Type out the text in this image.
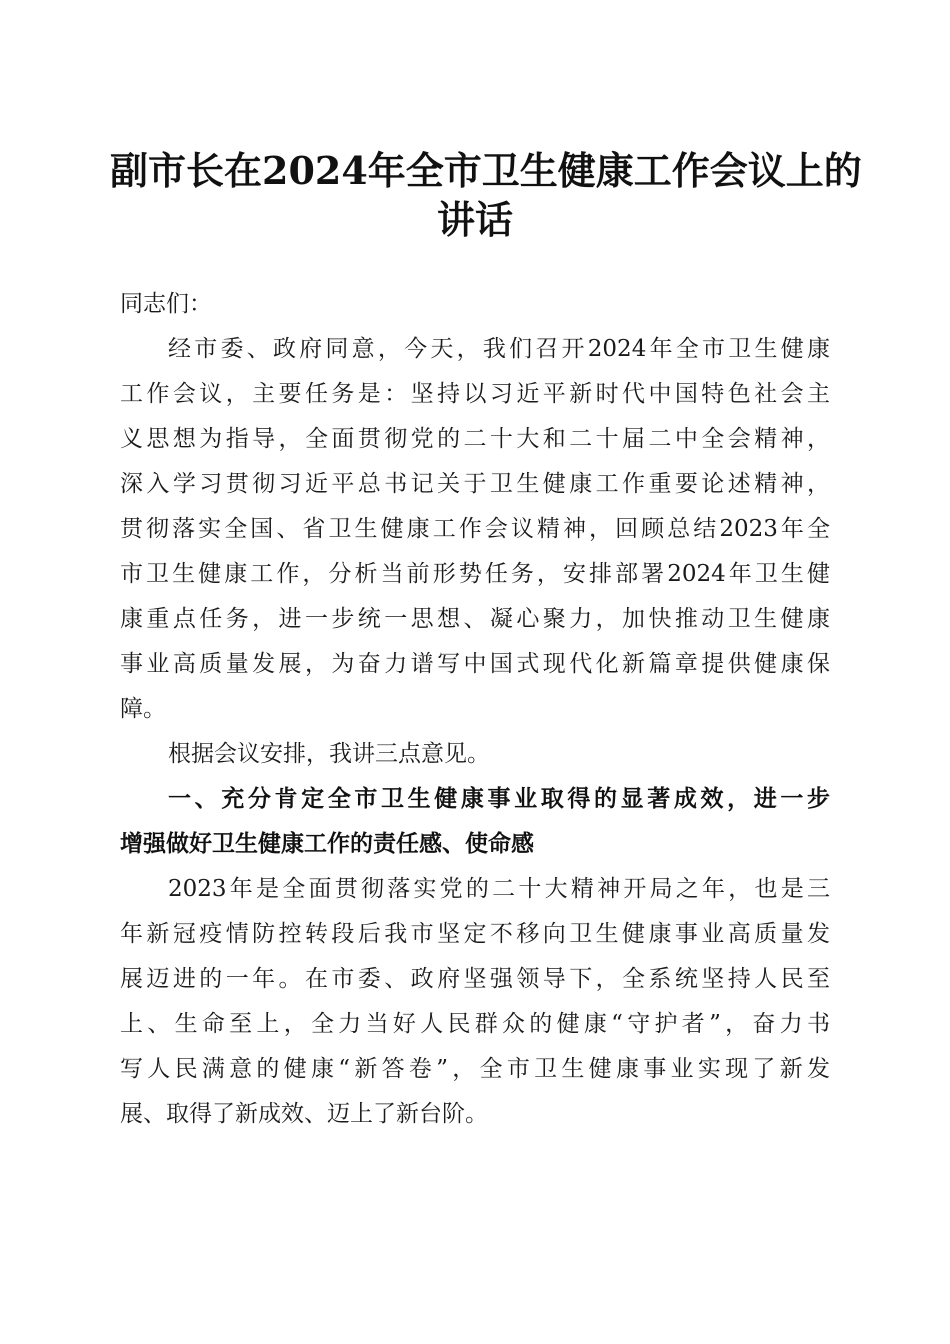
副市长在2024年全市卫生健康工作会议上的
讲话
同志们：
经市委、政府同意，今天，我们召开2024年全市卫生健康
工作会议，主要任务是：坚持以习近平新时代中国特色社会主
义思想为指导，全面贯彻党的二十大和二十届二中全会精神，
深入学习贯彻习近平总书记关于卫生健康工作重要论述精神，
贯彻落实全国、省卫生健康工作会议精神，回顾总结2023年全
市卫生健康工作，分析当前形势任务，安排部署2024年卫生健
康重点任务，进一步统一思想、凝心聚力，加快推动卫生健康
事业高质量发展，为奋力谱写中国式现代化新篇章提供健康保
障。
根据会议安排，我讲三点意见。
一、充分肯定全市卫生健康事业取得的显著成效，进一步
增强做好卫生健康工作的责任感、使命感
2023年是全面贯彻落实党的二十大精神开局之年，也是三
年新冠疫情防控转段后我市坚定不移向卫生健康事业高质量发
展迈进的一年。在市委、政府坚强领导下，全系统坚持人民至
上、生命至上，全力当好人民群众的健康“守护者”，奋力书
写人民满意的健康“新答卷”，全市卫生健康事业实现了新发
展、取得了新成效、迈上了新台阶。
